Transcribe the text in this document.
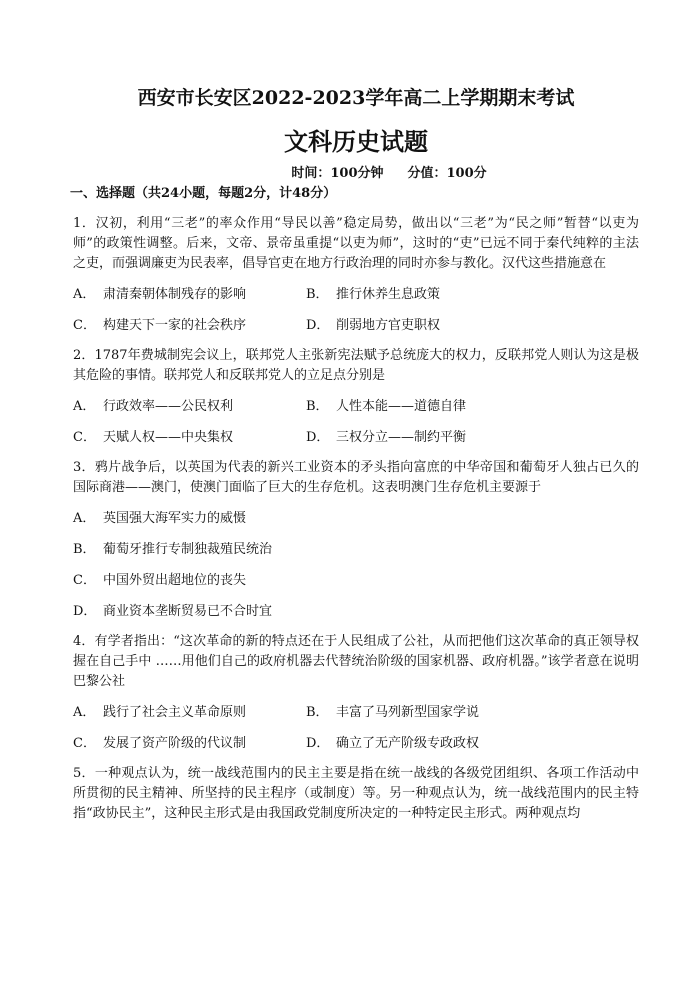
西安市长安区2022-2023学年高二上学期期末考试
文科历史试题
时间：100分钟 分值：100分
一、选择题（共24小题，每题2分，计48分）

1．汉初，利用“三老”的率众作用“导民以善”稳定局势，做出以“三老”为“民之师”暂替“以吏为师”的政策性调整。后来，文帝、景帝虽重提“以吏为师”，这时的“吏”已远不同于秦代纯粹的主法之吏，而强调廉吏为民表率，倡导官吏在地方行政治理的同时亦参与教化。汉代这些措施意在

A． 肃清秦朝体制残存的影响	B． 推行休养生息政策
C． 构建天下一家的社会秩序	D． 削弱地方官吏职权

2．1787年费城制宪会议上，联邦党人主张新宪法赋予总统庞大的权力，反联邦党人则认为这是极其危险的事情。联邦党人和反联邦党人的立足点分别是

A． 行政效率——公民权利	B． 人性本能——道德自律
C． 天赋人权——中央集权	D． 三权分立——制约平衡

3．鸦片战争后，以英国为代表的新兴工业资本的矛头指向富庶的中华帝国和葡萄牙人独占已久的国际商港——澳门，使澳门面临了巨大的生存危机。这表明澳门生存危机主要源于

A． 英国强大海军实力的威慑
B． 葡萄牙推行专制独裁殖民统治
C． 中国外贸出超地位的丧失
D． 商业资本垄断贸易已不合时宜

4．有学者指出：“这次革命的新的特点还在于人民组成了公社，从而把他们这次革命的真正领导权握在自己手中 ……用他们自己的政府机器去代替统治阶级的国家机器、政府机器。”该学者意在说明巴黎公社

A． 践行了社会主义革命原则	B． 丰富了马列新型国家学说
C． 发展了资产阶级的代议制	D． 确立了无产阶级专政政权

5．一种观点认为，统一战线范围内的民主主要是指在统一战线的各级党团组织、各项工作活动中所贯彻的民主精神、所坚持的民主程序（或制度）等。另一种观点认为，统一战线范围内的民主特指“政协民主”，这种民主形式是由我国政党制度所决定的一种特定民主形式。两种观点均
